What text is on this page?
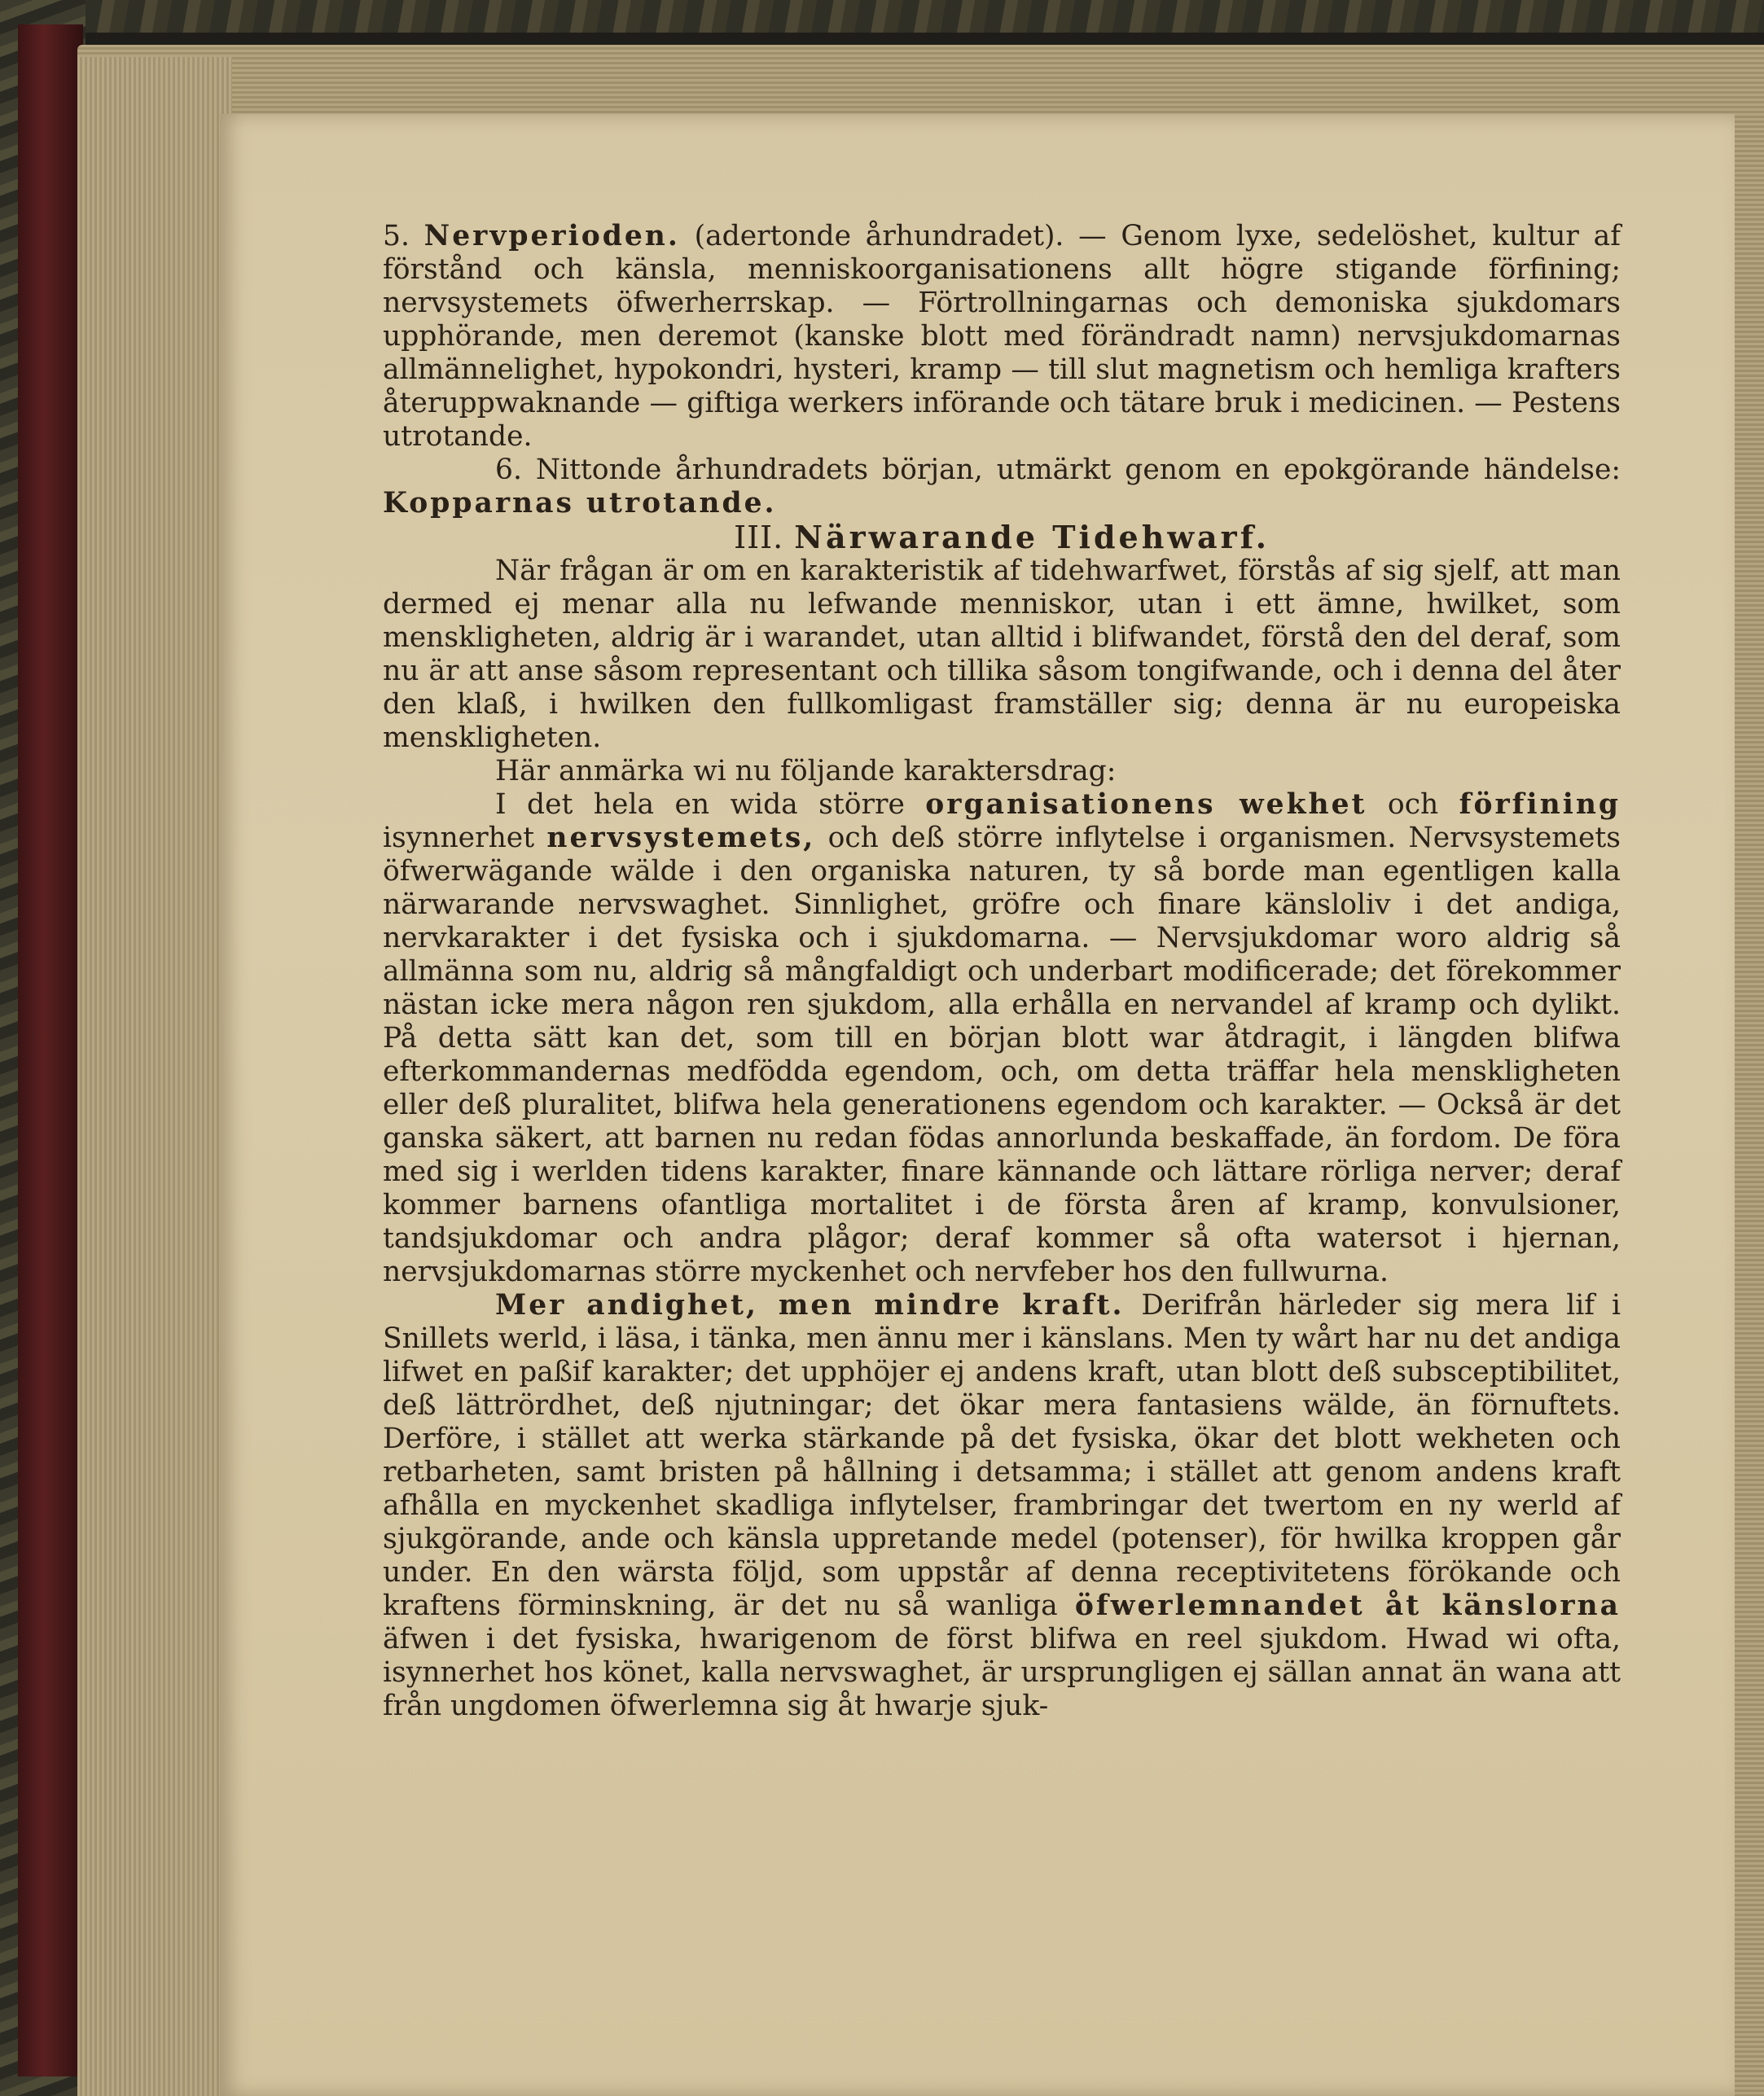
5. Nervperioden. (adertonde århundradet). — Genom lyxe, sedelöshet, kultur af förstånd och känsla, menniskoorganisationens allt högre stigande förfining; nervsystemets öfwerherrskap. — Förtrollningarnas och demoniska sjukdomars upphörande, men deremot (kanske blott med förändradt namn) nervsjukdomarnas allmännelighet, hypokondri, hysteri, kramp — till slut magnetism och hemliga krafters återuppwaknande — giftiga werkers införande och tätare bruk i medicinen. — Pestens utrotande.

6. Nittonde århundradets början, utmärkt genom en epokgörande händelse: Kopparnas utrotande.

III. Närwarande Tidehwarf.

När frågan är om en karakteristik af tidehwarfwet, förstås af sig sjelf, att man dermed ej menar alla nu lefwande menniskor, utan i ett ämne, hwilket, som menskligheten, aldrig är i warandet, utan alltid i blifwandet, förstå den del deraf, som nu är att anse såsom representant och tillika såsom tongifwande, och i denna del åter den klaß, i hwilken den fullkomligast framställer sig; denna är nu europeiska menskligheten.

Här anmärka wi nu följande karaktersdrag:

I det hela en wida större organisationens wekhet och förfining isynnerhet nervsystemets, och deß större inflytelse i organismen. Nervsystemets öfwerwägande wälde i den organiska naturen, ty så borde man egentligen kalla närwarande nervswaghet. Sinnlighet, gröfre och finare känsloliv i det andiga, nervkarakter i det fysiska och i sjukdomarna. — Nervsjukdomar woro aldrig så allmänna som nu, aldrig så mångfaldigt och underbart modificerade; det förekommer nästan icke mera någon ren sjukdom, alla erhålla en nervandel af kramp och dylikt. På detta sätt kan det, som till en början blott war åtdragit, i längden blifwa efterkommandernas medfödda egendom, och, om detta träffar hela menskligheten eller deß pluralitet, blifwa hela generationens egendom och karakter. — Också är det ganska säkert, att barnen nu redan födas annorlunda beskaffade, än fordom. De föra med sig i werlden tidens karakter, finare kännande och lättare rörliga nerver; deraf kommer barnens ofantliga mortalitet i de första åren af kramp, konvulsioner, tandsjukdomar och andra plågor; deraf kommer så ofta watersot i hjernan, nervsjukdomarnas större myckenhet och nervfeber hos den fullwurna.

Mer andighet, men mindre kraft. Derifrån härleder sig mera lif i Snillets werld, i läsa, i tänka, men ännu mer i känslans. Men ty wårt har nu det andiga lifwet en paßif karakter; det upphöjer ej andens kraft, utan blott deß subsceptibilitet, deß lättrördhet, deß njutningar; det ökar mera fantasiens wälde, än förnuftets. Derföre, i stället att werka stärkande på det fysiska, ökar det blott wekheten och retbarheten, samt bristen på hållning i detsamma; i stället att genom andens kraft afhålla en myckenhet skadliga inflytelser, frambringar det twertom en ny werld af sjukgörande, ande och känsla uppretande medel (potenser), för hwilka kroppen går under. En den wärsta följd, som uppstår af denna receptivitetens förökande och kraftens förminskning, är det nu så wanliga öfwerlemnandet åt känslorna äfwen i det fysiska, hwarigenom de först blifwa en reel sjukdom. Hwad wi ofta, isynnerhet hos könet, kalla nervswaghet, är ursprungligen ej sällan annat än wana att från ungdomen öfwerlemna sig åt hwarje sjuk-
